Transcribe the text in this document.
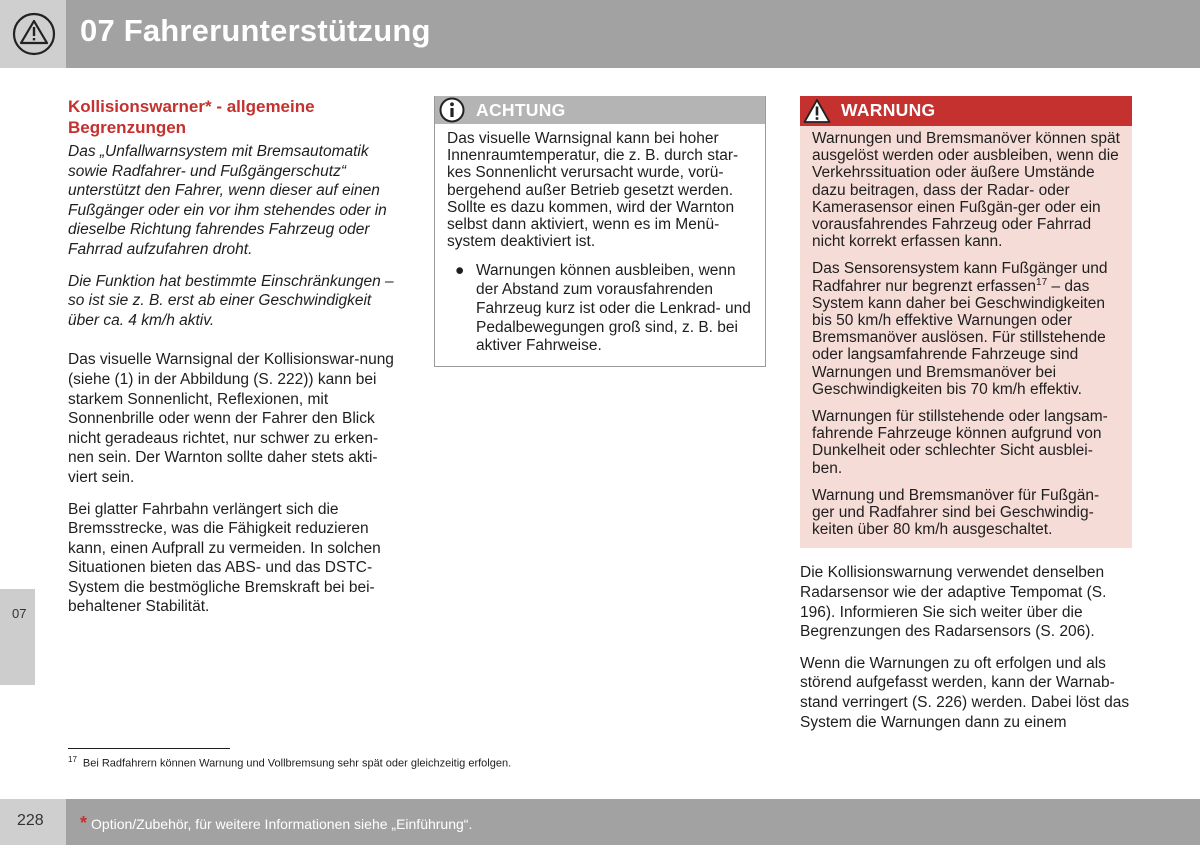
07 Fahrerunterstützung
07
Kollisionswarner* - allgemeine Begrenzungen

Das „Unfallwarnsystem mit Bremsautomatik sowie Radfahrer- und Fußgängerschutz“ unterstützt den Fahrer, wenn dieser auf einen Fußgänger oder ein vor ihm stehendes oder in dieselbe Richtung fahrendes Fahrzeug oder Fahrrad aufzufahren droht.

Die Funktion hat bestimmte Einschränkungen – so ist sie z. B. erst ab einer Geschwindigkeit über ca. 4 km/h aktiv.

Das visuelle Warnsignal der Kollisionswar-nung (siehe (1) in der Abbildung (S. 222)) kann bei starkem Sonnenlicht, Reflexionen, mit Sonnenbrille oder wenn der Fahrer den Blick nicht geradeaus richtet, nur schwer zu erken-nen sein. Der Warnton sollte daher stets akti-viert sein.

Bei glatter Fahrbahn verlängert sich die Bremsstrecke, was die Fähigkeit reduzieren kann, einen Aufprall zu vermeiden. In solchen Situationen bieten das ABS- und das DSTC-System die bestmögliche Bremskraft bei bei-behaltener Stabilität.

ACHTUNG

Das visuelle Warnsignal kann bei hoher Innenraumtemperatur, die z. B. durch star-kes Sonnenlicht verursacht wurde, vorü-bergehend außer Betrieb gesetzt werden. Sollte es dazu kommen, wird der Warnton selbst dann aktiviert, wenn es im Menü-system deaktiviert ist.

● Warnungen können ausbleiben, wenn der Abstand zum vorausfahrenden Fahrzeug kurz ist oder die Lenkrad- und Pedalbewegungen groß sind, z. B. bei aktiver Fahrweise.
WARNUNG

Warnungen und Bremsmanöver können spät ausgelöst werden oder ausbleiben, wenn die Verkehrssituation oder äußere Umstände dazu beitragen, dass der Radar- oder Kamerasensor einen Fußgän-ger oder ein vorausfahrendes Fahrzeug oder Fahrrad nicht korrekt erfassen kann.

Das Sensorensystem kann Fußgänger und Radfahrer nur begrenzt erfassen$^{17}$ – das System kann daher bei Geschwindigkeiten bis 50 km/h effektive Warnungen oder Bremsmanöver auslösen. Für stillstehende oder langsamfahrende Fahrzeuge sind Warnungen und Bremsmanöver bei Geschwindigkeiten bis 70 km/h effektiv.

Warnungen für stillstehende oder langsam-fahrende Fahrzeuge können aufgrund von Dunkelheit oder schlechter Sicht ausblei-ben.

Warnung und Bremsmanöver für Fußgän-ger und Radfahrer sind bei Geschwindig-keiten über 80 km/h ausgeschaltet.

Die Kollisionswarnung verwendet denselben Radarsensor wie der adaptive Tempomat (S. 196). Informieren Sie sich weiter über die Begrenzungen des Radarsensors (S. 206).

Wenn die Warnungen zu oft erfolgen und als störend aufgefasst werden, kann der Warnab-stand verringert (S. 226) werden. Dabei löst das System die Warnungen dann zu einem

$^{17}$ Bei Radfahrern können Warnung und Vollbremsung sehr spät oder gleichzeitig erfolgen.
228 * Option/Zubehör, für weitere Informationen siehe „Einführung“.
